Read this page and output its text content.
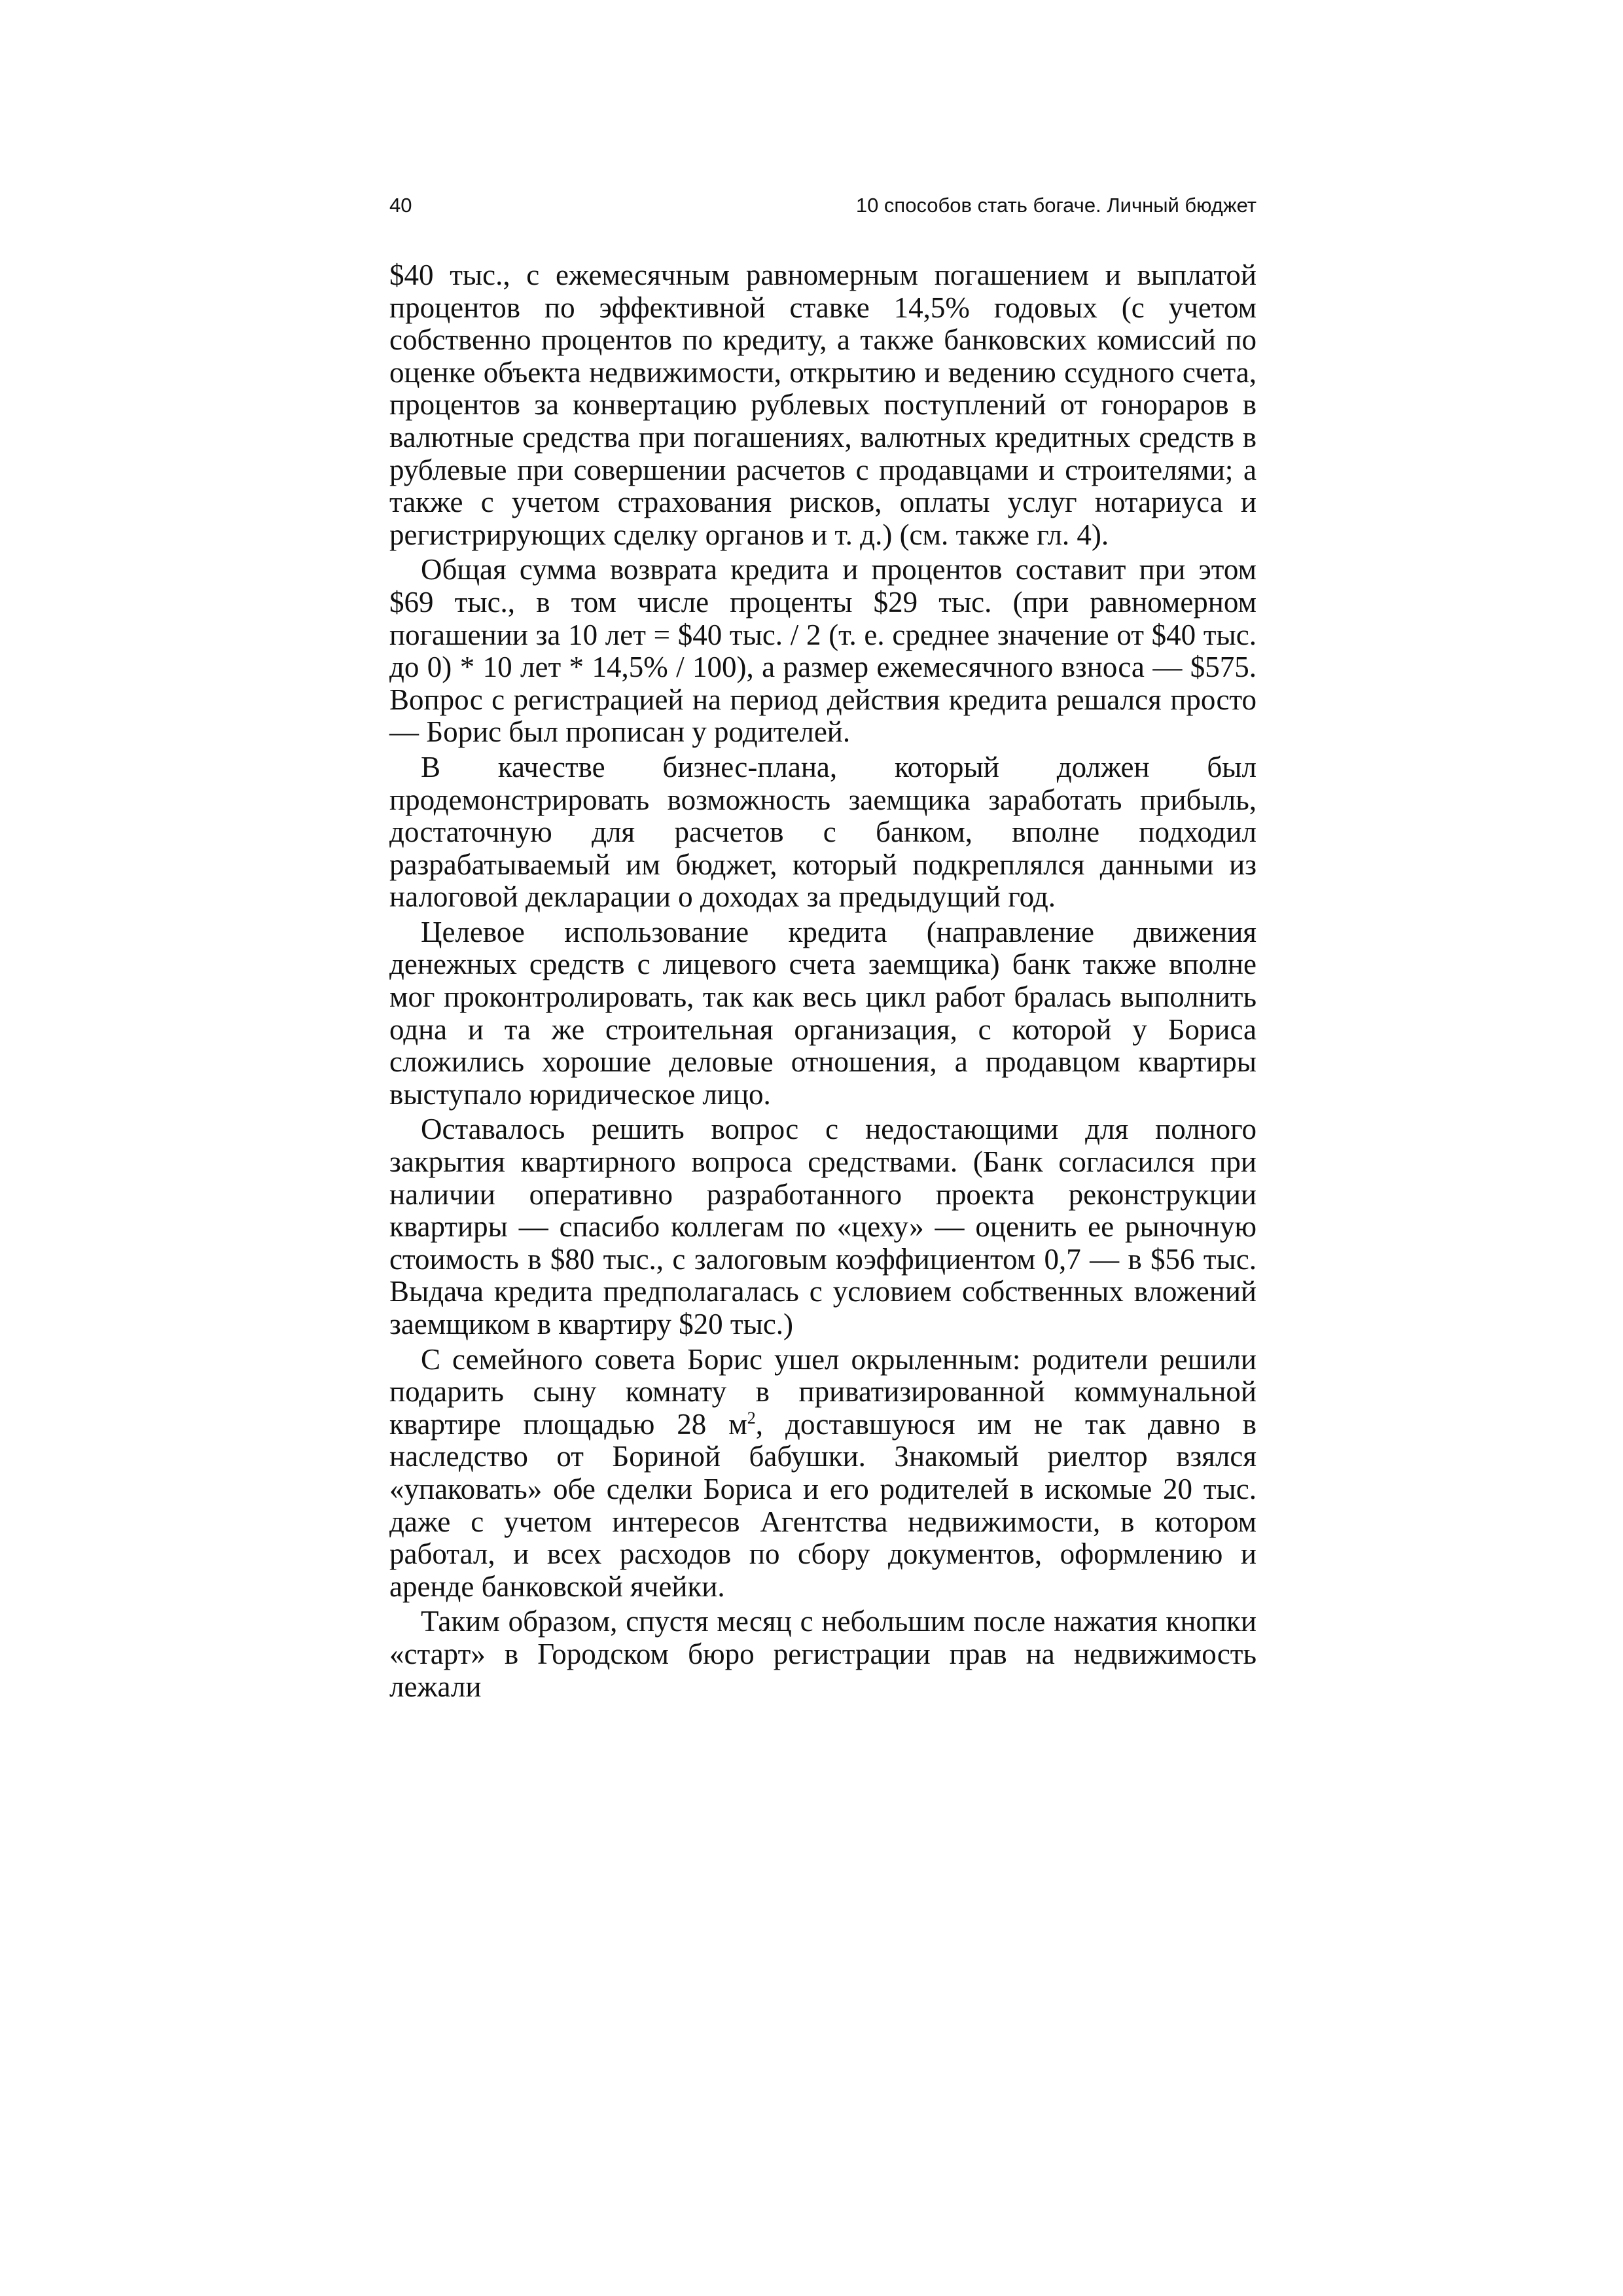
40	10 способов стать богаче. Личный бюджет

$40 тыс., с ежемесячным равномерным погашением и выплатой процентов по эффективной ставке 14,5% годовых (с учетом собственно процентов по кредиту, а также банковских комиссий по оценке объекта недвижимости, открытию и ведению ссудного счета, процентов за конвертацию рублевых поступлений от гонораров в валютные средства при погашениях, валютных кредитных средств в рублевые при совершении расчетов с продавцами и строителями; а также с учетом страхования рисков, оплаты услуг нотариуса и регистрирующих сделку органов и т. д.) (см. также гл. 4).

Общая сумма возврата кредита и процентов составит при этом $69 тыс., в том числе проценты $29 тыс. (при равномерном погашении за 10 лет = $40 тыс. / 2 (т. е. среднее значение от $40 тыс. до 0) * 10 лет * 14,5% / 100), а размер ежемесячного взноса — $575. Вопрос с регистрацией на период действия кредита решался просто — Борис был прописан у родителей.

В качестве бизнес-плана, который должен был продемонстрировать возможность заемщика заработать прибыль, достаточную для расчетов с банком, вполне подходил разрабатываемый им бюджет, который подкреплялся данными из налоговой декларации о доходах за предыдущий год.

Целевое использование кредита (направление движения денежных средств с лицевого счета заемщика) банк также вполне мог проконтролировать, так как весь цикл работ бралась выполнить одна и та же строительная организация, с которой у Бориса сложились хорошие деловые отношения, а продавцом квартиры выступало юридическое лицо.

Оставалось решить вопрос с недостающими для полного закрытия квартирного вопроса средствами. (Банк согласился при наличии оперативно разработанного проекта реконструкции квартиры — спасибо коллегам по «цеху» — оценить ее рыночную стоимость в $80 тыс., с залоговым коэффициентом 0,7 — в $56 тыс. Выдача кредита предполагалась с условием собственных вложений заемщиком в квартиру $20 тыс.)

С семейного совета Борис ушел окрыленным: родители решили подарить сыну комнату в приватизированной коммунальной квартире площадью 28 $м^2$, доставшуюся им не так давно в наследство от Бориной бабушки. Знакомый риелтор взялся «упаковать» обе сделки Бориса и его родителей в искомые 20 тыс. даже с учетом интересов Агентства недвижимости, в котором работал, и всех расходов по сбору документов, оформлению и аренде банковской ячейки.

Таким образом, спустя месяц с небольшим после нажатия кнопки «старт» в Городском бюро регистрации прав на недвижимость лежали
